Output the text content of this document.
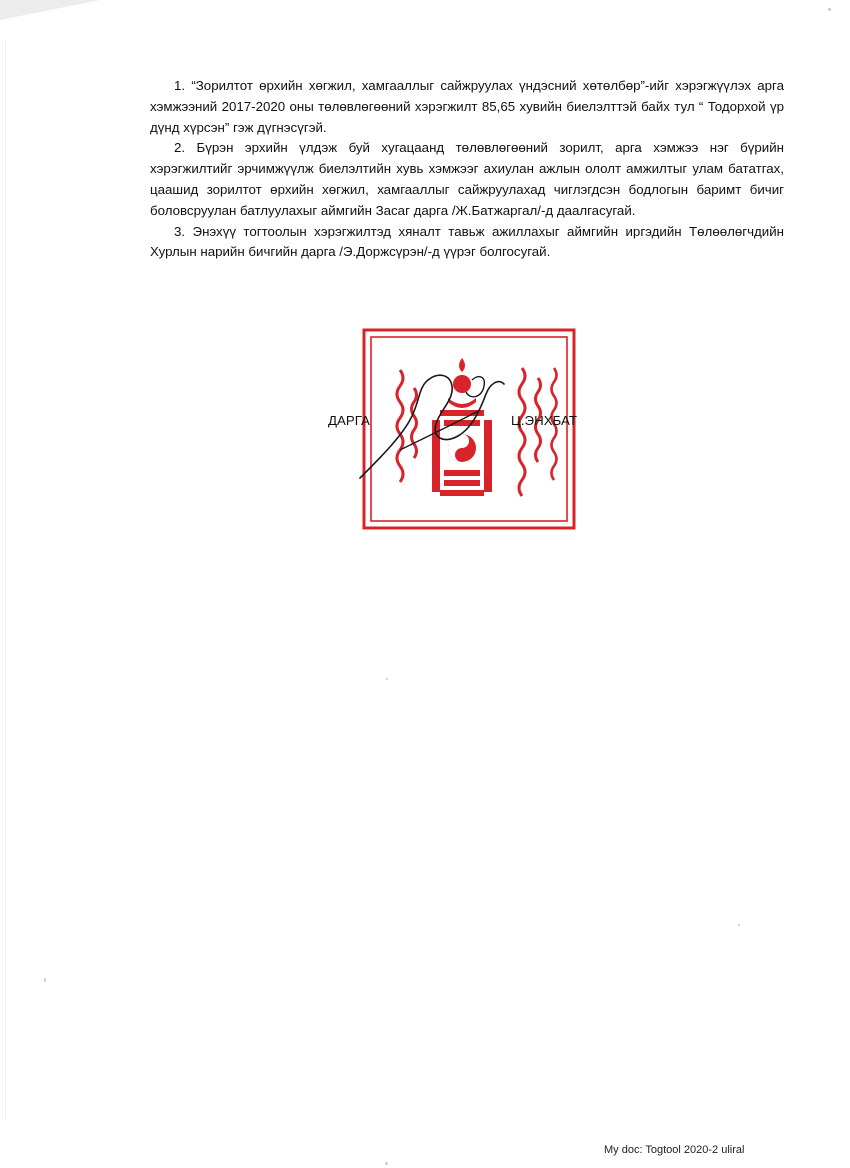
1. “Зорилтот өрхийн хөгжил, хамгааллыг сайжруулах үндэсний хөтөлбөр”-ийг хэрэгжүүлэх арга хэмжээний 2017-2020 оны төлөвлөгөөний хэрэгжилт 85,65 хувийн биелэлттэй байх тул “ Тодорхой үр дүнд хүрсэн” гэж дүгнэсүгэй.

2. Бүрэн эрхийн үлдэж буй хугацаанд төлөвлөгөөний зорилт, арга хэмжээ нэг бүрийн хэрэгжилтийг эрчимжүүлж биелэлтийн хувь хэмжээг ахиулан ажлын ололт амжилтыг улам бататгах, цаашид зорилтот өрхийн хөгжил, хамгааллыг сайжруулахад чиглэгдсэн бодлогын баримт бичиг боловсруулан батлуулахыг аймгийн Засаг дарга /Ж.Батжаргал/-д даалгасугай.

3. Энэхүү тогтоолын хэрэгжилтэд хяналт тавьж ажиллахыг аймгийн иргэдийн Төлөөлөгчдийн Хурлын нарийн бичгийн дарга /Э.Доржсүрэн/-д үүрэг болгосугай.

ДАРГА	Ц.ЭНХБАТ
My doc: Togtool 2020-2 uliral
